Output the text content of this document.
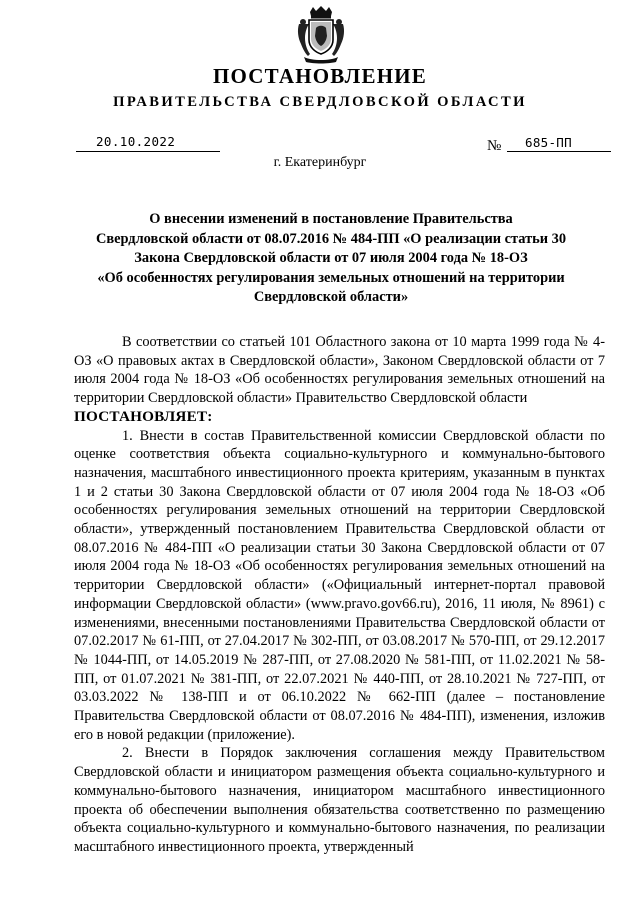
ПОСТАНОВЛЕНИЕ
ПРАВИТЕЛЬСТВА СВЕРДЛОВСКОЙ ОБЛАСТИ
20.10.2022	№	685-ПП
г. Екатеринбург
О внесении изменений в постановление Правительства
Свердловской области от 08.07.2016 № 484-ПП «О реализации статьи 30
Закона Свердловской области от 07 июля 2004 года № 18-ОЗ
«Об особенностях регулирования земельных отношений на территории
Свердловской области»

В соответствии со статьей 101 Областного закона от 10 марта 1999 года № 4-ОЗ «О правовых актах в Свердловской области», Законом Свердловской области от 7 июля 2004 года № 18-ОЗ «Об особенностях регулирования земельных отношений на территории Свердловской области» Правительство Свердловской области

ПОСТАНОВЛЯЕТ:

1. Внести в состав Правительственной комиссии Свердловской области по оценке соответствия объекта социально-культурного и коммунально-бытового назначения, масштабного инвестиционного проекта критериям, указанным в пунктах 1 и 2 статьи 30 Закона Свердловской области от 07 июля 2004 года № 18-ОЗ «Об особенностях регулирования земельных отношений на территории Свердловской области», утвержденный постановлением Правительства Свердловской области от 08.07.2016 № 484-ПП «О реализации статьи 30 Закона Свердловской области от 07 июля 2004 года № 18-ОЗ «Об особенностях регулирования земельных отношений на территории Свердловской области» («Официальный интернет-портал правовой информации Свердловской области» (www.pravo.gov66.ru), 2016, 11 июля, № 8961) с изменениями, внесенными постановлениями Правительства Свердловской области от 07.02.2017 № 61-ПП, от 27.04.2017 № 302-ПП, от 03.08.2017 № 570-ПП, от 29.12.2017 № 1044-ПП, от 14.05.2019 № 287-ПП, от 27.08.2020 № 581-ПП, от 11.02.2021 № 58-ПП, от 01.07.2021 № 381-ПП, от 22.07.2021 № 440-ПП, от 28.10.2021 № 727-ПП, от 03.03.2022 № 138-ПП и от 06.10.2022 № 662-ПП (далее – постановление Правительства Свердловской области от 08.07.2016 № 484-ПП), изменения, изложив его в новой редакции (приложение).

2. Внести в Порядок заключения соглашения между Правительством Свердловской области и инициатором размещения объекта социально-культурного и коммунально-бытового назначения, инициатором масштабного инвестиционного проекта об обеспечении выполнения обязательства соответственно по размещению объекта социально-культурного и коммунально-бытового назначения, по реализации масштабного инвестиционного проекта, утвержденный
